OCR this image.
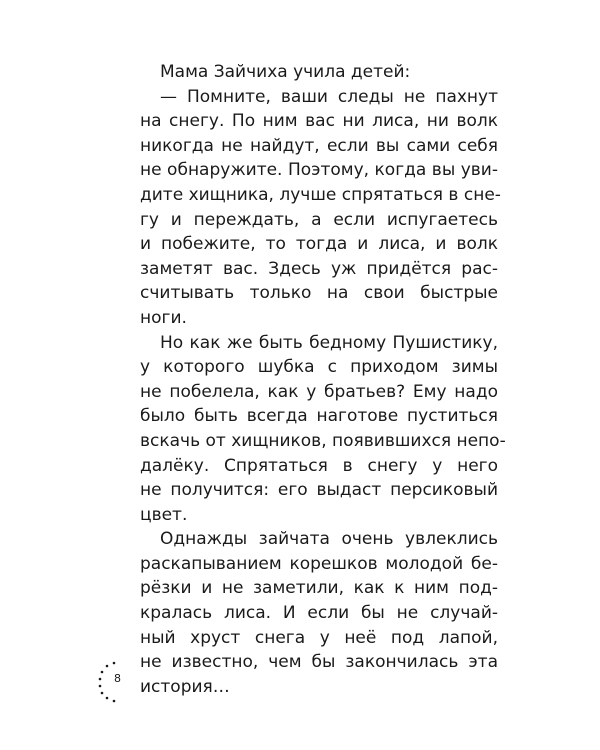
Мама Зайчиха учила детей:
— Помните, ваши следы не пахнут
на снегу. По ним вас ни лиса, ни волк
никогда не найдут, если вы сами себя
не обнаружите. Поэтому, когда вы уви-
дите хищника, лучше спрятаться в сне-
гу и переждать, а если испугаетесь
и побежите, то тогда и лиса, и волк
заметят вас. Здесь уж придётся рас-
считывать только на свои быстрые
ноги.
Но как же быть бедному Пушистику,
у которого шубка с приходом зимы
не побелела, как у братьев? Ему надо
было быть всегда наготове пуститься
вскачь от хищников, появившихся непо-
далёку. Спрятаться в снегу у него
не получится: его выдаст персиковый
цвет.
Однажды зайчата очень увлеклись
раскапыванием корешков молодой бе-
рёзки и не заметили, как к ним под-
кралась лиса. И если бы не случай-
ный хруст снега у неё под лапой,
не известно, чем бы закончилась эта
история…
8
